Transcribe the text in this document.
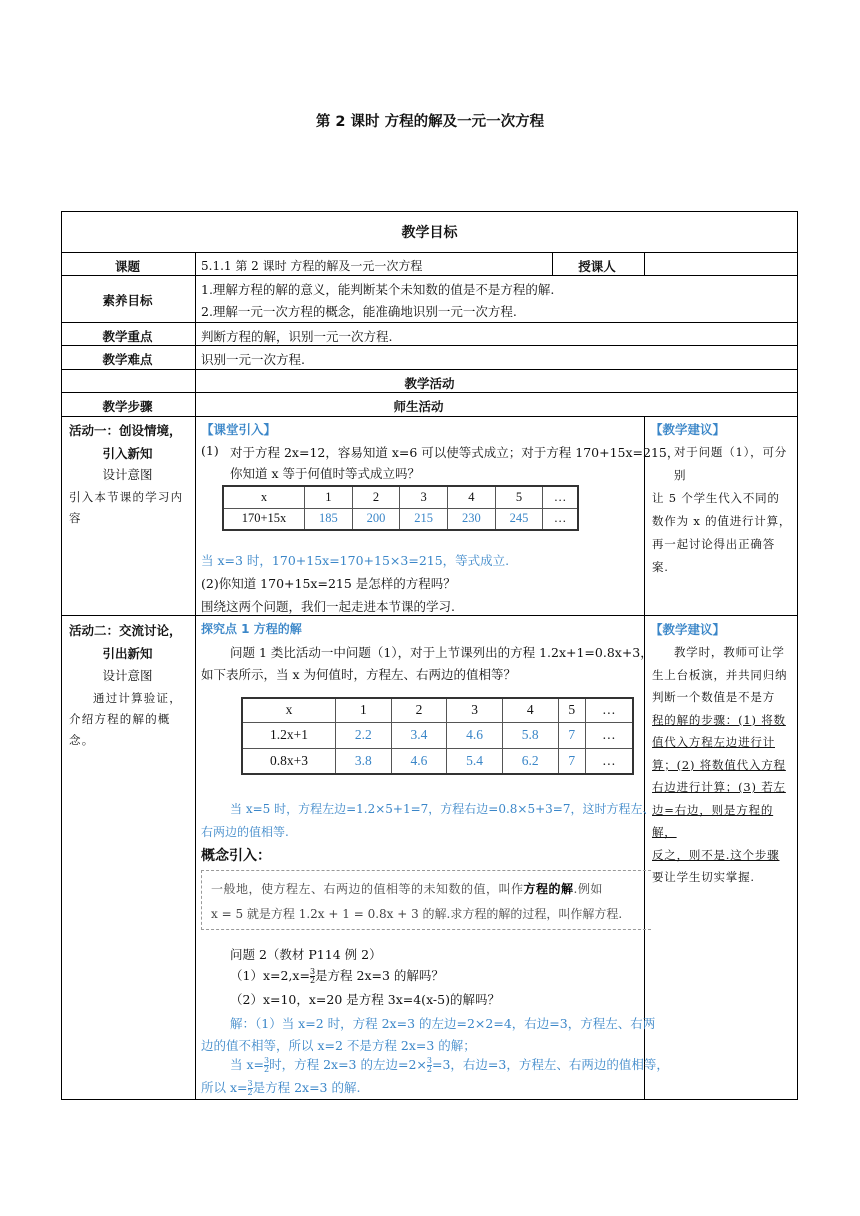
第 2 课时 方程的解及一元一次方程
教学目标
课题	5.1.1 第 2 课时 方程的解及一元一次方程	授课人
素养目标
1.理解方程的解的意义，能判断某个未知数的值是不是方程的解.
2.理解一元一次方程的概念，能准确地识别一元一次方程.
教学重点	判断方程的解，识别一元一次方程.
教学难点	识别一元一次方程.
教学活动
教学步骤	师生活动
活动一：创设情境，
引入新知
设计意图
引入本节课的学习内容
【课堂引入】
(1) 对于方程 2x=12，容易知道 x=6 可以使等式成立；对于方程 170+15x=215，
你知道 x 等于何值时等式成立吗？
x	1	2	3	4	5	…
170+15x	185	200	215	230	245	…
当 x=3 时，170+15x=170+15×3=215，等式成立.
(2)你知道 170+15x=215 是怎样的方程吗？
围绕这两个问题，我们一起走进本节课的学习.
【教学建议】
对于问题（1），可分别
让 5 个学生代入不同的
数作为 x 的值进行计算，
再一起讨论得出正确答
案.
活动二：交流讨论，
引出新知
设计意图
通过计算验证，
介绍方程的解的概
念。
探究点 1 方程的解
问题 1 类比活动一中问题（1），对于上节课列出的方程 1.2x+1=0.8x+3，
如下表所示，当 x 为何值时，方程左、右两边的值相等？
x	1	2	3	4	5	…
1.2x+1	2.2	3.4	4.6	5.8	7	…
0.8x+3	3.8	4.6	5.4	6.2	7	…
当 x=5 时，方程左边=1.2×5+1=7，方程右边=0.8×5+3=7，这时方程左、
右两边的值相等.
概念引入：
一般地，使方程左、右两边的值相等的未知数的值，叫作方程的解.例如
x = 5 就是方程 1.2x + 1 = 0.8x + 3 的解.求方程的解的过程，叫作解方程.
问题 2（教材 P114 例 2）
$(1)x=2,x= \frac{3}{2}$ 是方程 2x=3 的解吗？
（2）x=10，x=20 是方程 3x=4(x-5)的解吗？
解：（1）当 x=2 时，方程 2x=3 的左边=2×2=4，右边=3，方程左、右两
边的值不相等，所以 x=2 不是方程 2x=3 的解；
当 $x= \frac{3}{2}$ 时，方程 2x=3 的左边$=2\times \frac{3}{2} =3$，右边=3，方程左、右两边的值相等，
所以 $x= \frac{3}{2}$ 是方程 2x=3 的解.
【教学建议】
教学时，教师可让学
生上台板演，并共同归纳
判断一个数值是不是方
程的解的步骤：(1) 将数
值代入方程左边进行计
算；(2) 将数值代入方程
右边进行计算；(3) 若左
边=右边，则是方程的解，
反之，则不是.这个步骤
要让学生切实掌握.
